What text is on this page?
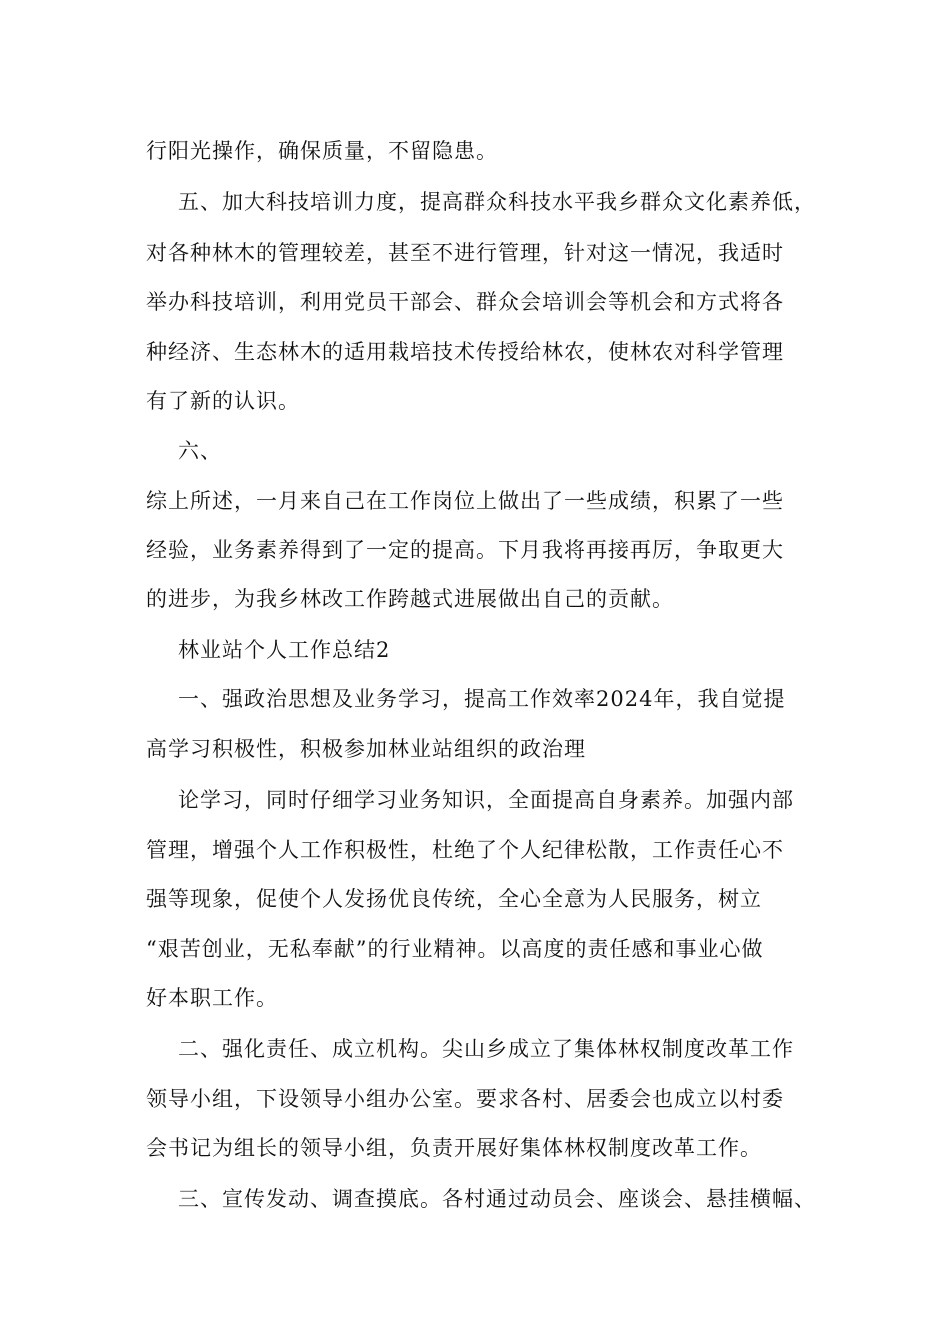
行阳光操作，确保质量，不留隐患。
五、加大科技培训力度，提高群众科技水平我乡群众文化素养低，
对各种林木的管理较差，甚至不进行管理，针对这一情况，我适时
举办科技培训，利用党员干部会、群众会培训会等机会和方式将各
种经济、生态林木的适用栽培技术传授给林农，使林农对科学管理
有了新的认识。
六、
综上所述，一月来自己在工作岗位上做出了一些成绩，积累了一些
经验，业务素养得到了一定的提高。下月我将再接再厉，争取更大
的进步，为我乡林改工作跨越式进展做出自己的贡献。
林业站个人工作总结2
一、强政治思想及业务学习，提高工作效率2024年，我自觉提
高学习积极性，积极参加林业站组织的政治理
论学习，同时仔细学习业务知识，全面提高自身素养。加强内部
管理，增强个人工作积极性，杜绝了个人纪律松散，工作责任心不
强等现象，促使个人发扬优良传统，全心全意为人民服务，树立
“艰苦创业，无私奉献”的行业精神。以高度的责任感和事业心做
好本职工作。
二、强化责任、成立机构。尖山乡成立了集体林权制度改革工作
领导小组，下设领导小组办公室。要求各村、居委会也成立以村委
会书记为组长的领导小组，负责开展好集体林权制度改革工作。
三、宣传发动、调查摸底。各村通过动员会、座谈会、悬挂横幅、
